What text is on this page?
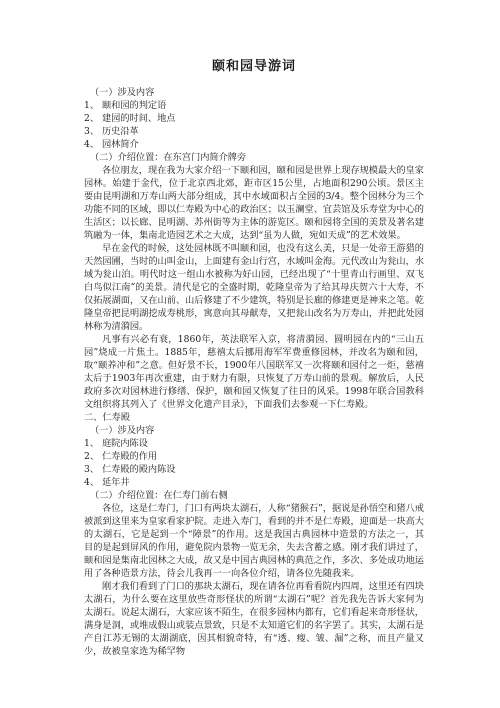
颐和园导游词

（一）涉及内容

1、 颐和园的判定语

2、 建园的时间、地点

3、 历史沿革

4、 园林简介

（二）介绍位置：在东宫门内简介牌旁

各位朋友，现在我为大家介绍一下颐和园，颐和园是世界上现存规模最大的皇家园林。始建于金代，位于北京西北郊，距市区15公里，占地面积290公顷。景区主要由昆明湖和万寿山两大部分组成，其中水域面积占全园的3/4。整个园林分为三个功能不同的区域，即以仁寿殿为中心的政治区；以玉澜堂、宜芸馆及乐寿堂为中心的生活区；以长廊、昆明湖、苏州街等为主体的游览区。颐和园将全国的美景及著名建筑融为一体，集南北造园艺术之大成，达到“虽为人做，宛如天成”的艺术效果。

早在金代的时候，这处园林既不叫颐和园，也没有这么美，只是一处帝王游猎的天然园圃，当时的山叫金山，上面建有金山行宫，水域叫金海。元代改山为瓮山，水域为瓮山泊。明代时这一组山水被称为好山园，已经出现了“十里青山行画里、双飞白鸟似江南”的美景。清代是它的全盛时期，乾隆皇帝为了给其母庆贺六十大寿，不仅拓展湖面，又在山前、山后修建了不少建筑，特别是长廊的修建更是神来之笔。乾隆皇帝把昆明湖挖成寿桃形，寓意向其母献寿，又把瓮山改名为万寿山，并把此处园林称为清漪园。

凡事有兴必有衰，1860年，英法联军入京，将清漪园、圆明园在内的“三山五园”烧成一片焦土。1885年，慈禧太后挪用海军军费重修园林，并改名为颐和园，取“颐养冲和”之意。但好景不长，1900年八国联军又一次将颐和园付之一炬，慈禧太后于1903年再次重建，由于财力有限，只恢复了万寿山前的景观。解放后，人民政府多次对园林进行修缮、保护，颐和园又恢复了往日的风采。1998年联合国教科文组织将其列入了《世界文化遗产目录》，下面我们去参观一下仁寿殿。

二、仁寿殿

（一）涉及内容

1、 庭院内陈设

2、 仁寿殿的作用

3、 仁寿殿的殿内陈设

4、 延年井

（二）介绍位置：在仁寿门前右侧

各位，这是仁寿门，门口有两块太湖石，人称“猪猴石”，据说是孙悟空和猪八戒被派到这里来为皇家看家护院。走进入寿门，看到的并不是仁寿殿，迎面是一块高大的太湖石，它是起到一个“障景”的作用。这是我国古典园林中造景的方法之一，其目的是起到屏风的作用，避免院内景物一览无余，失去含蓄之感。刚才我们讲过了，颐和园是集南北园林之大成，故又是中国古典园林的典范之作，多次、多处成功地运用了各种造景方法，待会儿我再一一向各位介绍，请各位先随我来。

刚才我们看到了门口的那块太湖石，现在请各位再看看院内四周，这里还有四块太湖石，为什么要在这里放些奇形怪状的所谓“太湖石”呢？首先我先告诉大家何为太湖石。说起太湖石，大家应该不陌生，在很多园林内都有，它们看起来奇形怪状，满身是洞，或堆成假山或装点景致，只是不太知道它们的名字罢了。其实，太湖石是产自江苏无锡的太湖湖底，因其相貌奇特，有“透、瘦、皱、漏”之称，而且产量又少，故被皇家选为稀罕物
